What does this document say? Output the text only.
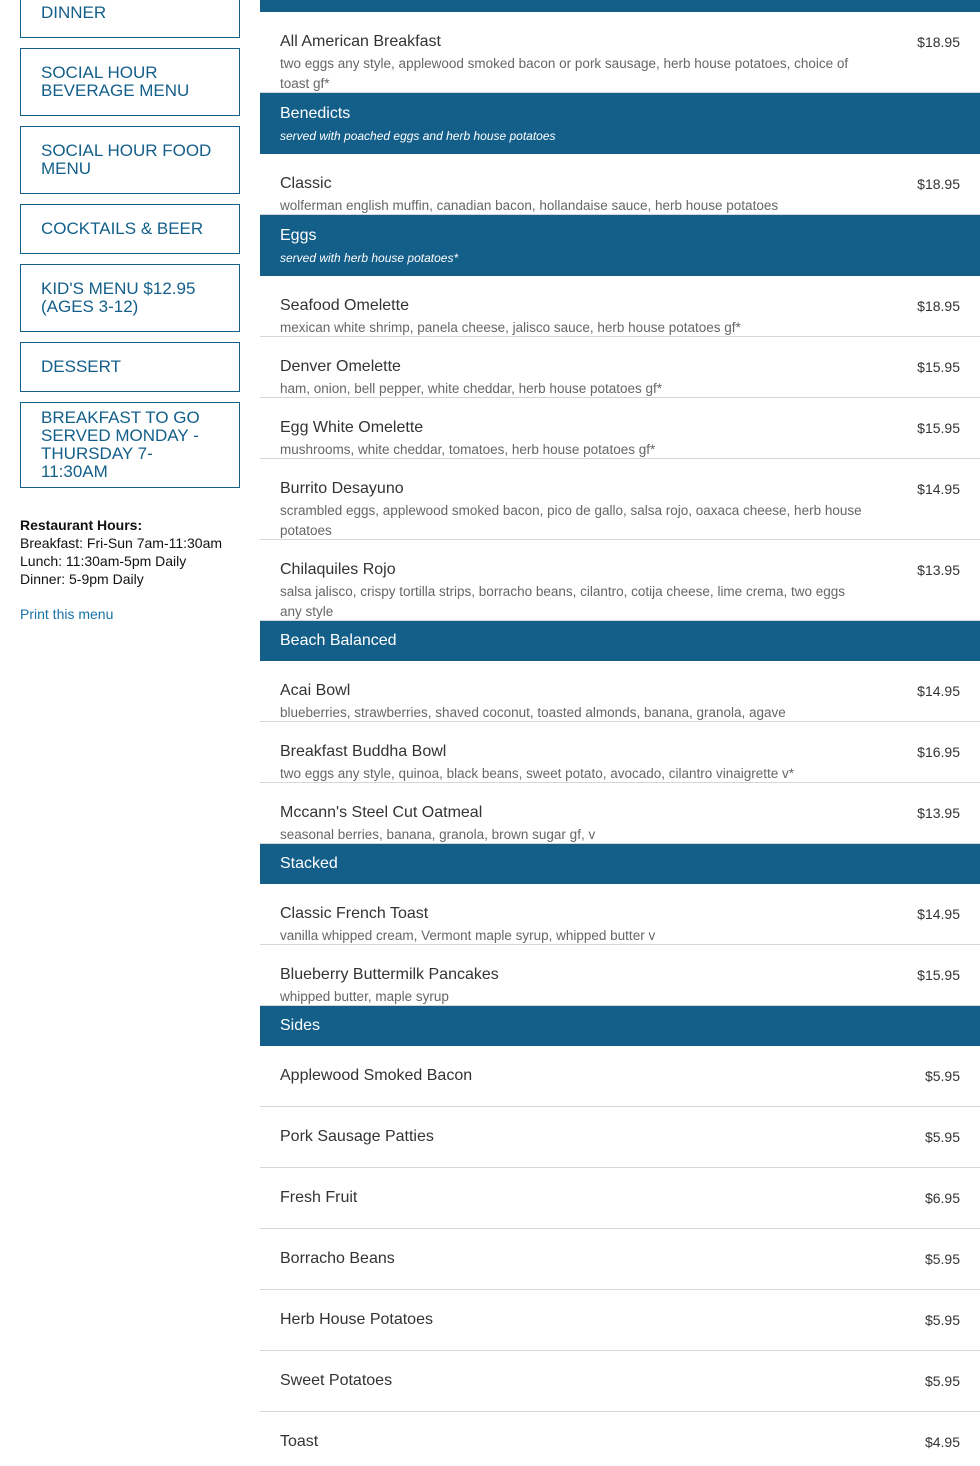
DINNER
SOCIAL HOUR BEVERAGE MENU
SOCIAL HOUR FOOD MENU
COCKTAILS & BEER
KID'S MENU $12.95 (AGES 3-12)
DESSERT
BREAKFAST TO GO SERVED MONDAY - THURSDAY 7-11:30AM
Restaurant Hours:
Breakfast: Fri-Sun 7am-11:30am
Lunch: 11:30am-5pm Daily
Dinner: 5-9pm Daily
Print this menu
All American Breakfast
two eggs any style, applewood smoked bacon or pork sausage, herb house potatoes, choice of toast gf*
$18.95
Benedicts
served with poached eggs and herb house potatoes
Classic
wolferman english muffin, canadian bacon, hollandaise sauce, herb house potatoes
$18.95
Eggs
served with herb house potatoes*
Seafood Omelette
mexican white shrimp, panela cheese, jalisco sauce, herb house potatoes gf*
$18.95
Denver Omelette
ham, onion, bell pepper, white cheddar, herb house potatoes gf*
$15.95
Egg White Omelette
mushrooms, white cheddar, tomatoes, herb house potatoes gf*
$15.95
Burrito Desayuno
scrambled eggs, applewood smoked bacon, pico de gallo, salsa rojo, oaxaca cheese, herb house potatoes
$14.95
Chilaquiles Rojo
salsa jalisco, crispy tortilla strips, borracho beans, cilantro, cotija cheese, lime crema, two eggs any style
$13.95
Beach Balanced
Acai Bowl
blueberries, strawberries, shaved coconut, toasted almonds, banana, granola, agave
$14.95
Breakfast Buddha Bowl
two eggs any style, quinoa, black beans, sweet potato, avocado, cilantro vinaigrette v*
$16.95
Mccann's Steel Cut Oatmeal
seasonal berries, banana, granola, brown sugar gf, v
$13.95
Stacked
Classic French Toast
vanilla whipped cream, Vermont maple syrup, whipped butter v
$14.95
Blueberry Buttermilk Pancakes
whipped butter, maple syrup
$15.95
Sides
Applewood Smoked Bacon	$5.95
Pork Sausage Patties	$5.95
Fresh Fruit	$6.95
Borracho Beans	$5.95
Herb House Potatoes	$5.95
Sweet Potatoes	$5.95
Toast	$4.95
